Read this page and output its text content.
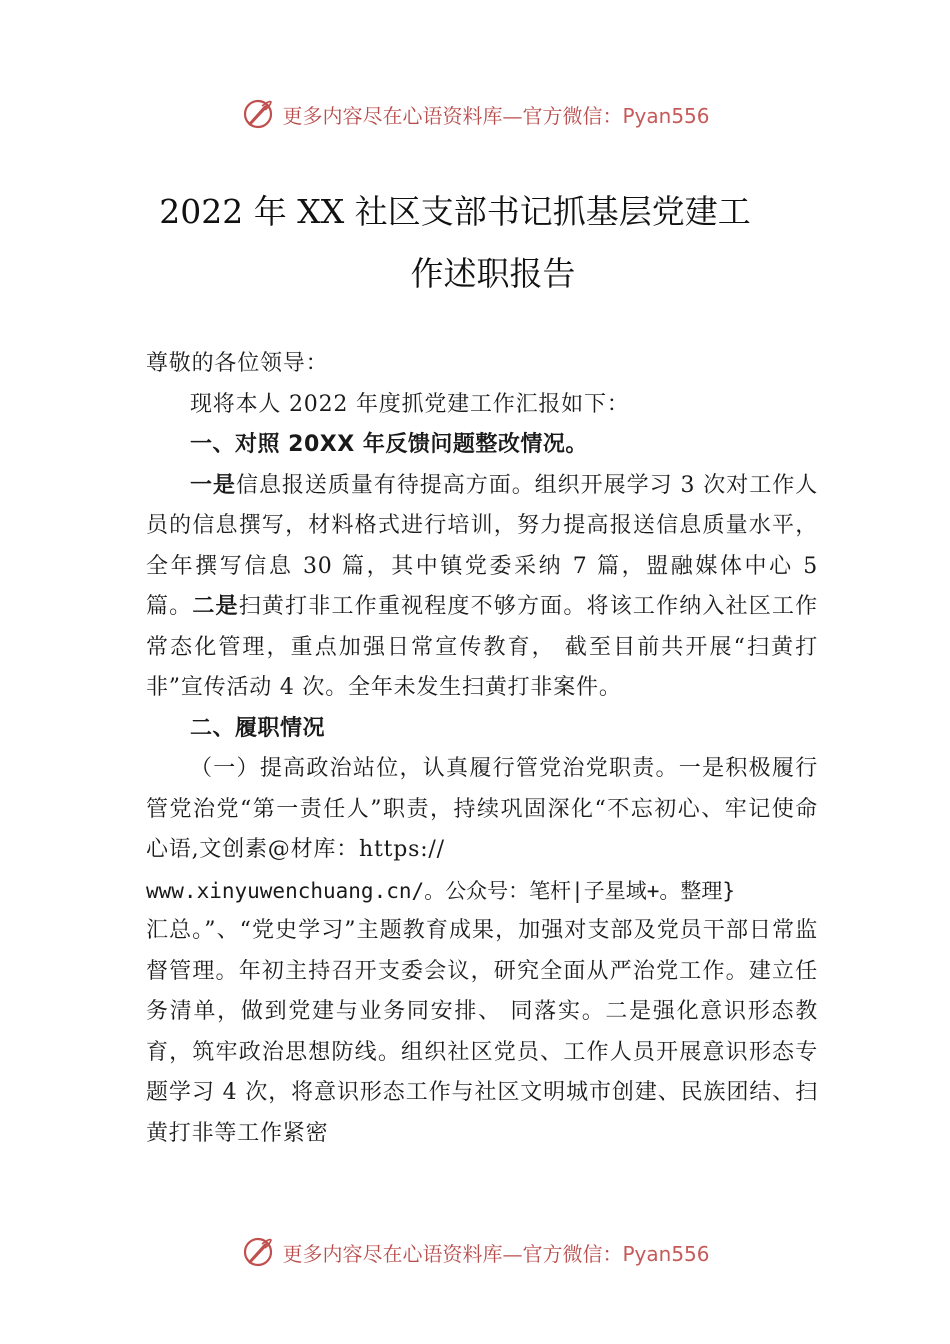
更多内容尽在心语资料库—官方微信：Pyan556
2022 年 XX 社区支部书记抓基层党建工
作述职报告

尊敬的各位领导：

现将本人 2022 年度抓党建工作汇报如下：

一、对照 20XX 年反馈问题整改情况。

一是信息报送质量有待提高方面。组织开展学习 3 次对工作人员的信息撰写，材料格式进行培训，努力提高报送信息质量水平，全年撰写信息 30 篇，其中镇党委采纳 7 篇，盟融媒体中心 5 篇。二是扫黄打非工作重视程度不够方面。将该工作纳入社区工作常态化管理，重点加强日常宣传教育， 截至目前共开展“扫黄打非”宣传活动 4 次。全年未发生扫黄打非案件。

二、履职情况

（一）提高政治站位，认真履行管党治党职责。一是积极履行管党治党“第一责任人”职责，持续巩固深化“不忘初心、牢记使命心语,文创素@材库：https://

www.xinyuwenchuang.cn/。公众号：笔杆|子星域+。整理}

汇总。”、“党史学习”主题教育成果，加强对支部及党员干部日常监督管理。年初主持召开支委会议，研究全面从严治党工作。建立任务清单，做到党建与业务同安排、 同落实。二是强化意识形态教育，筑牢政治思想防线。组织社区党员、工作人员开展意识形态专题学习 4 次，将意识形态工作与社区文明城市创建、民族团结、扫黄打非等工作紧密

更多内容尽在心语资料库—官方微信：Pyan556
